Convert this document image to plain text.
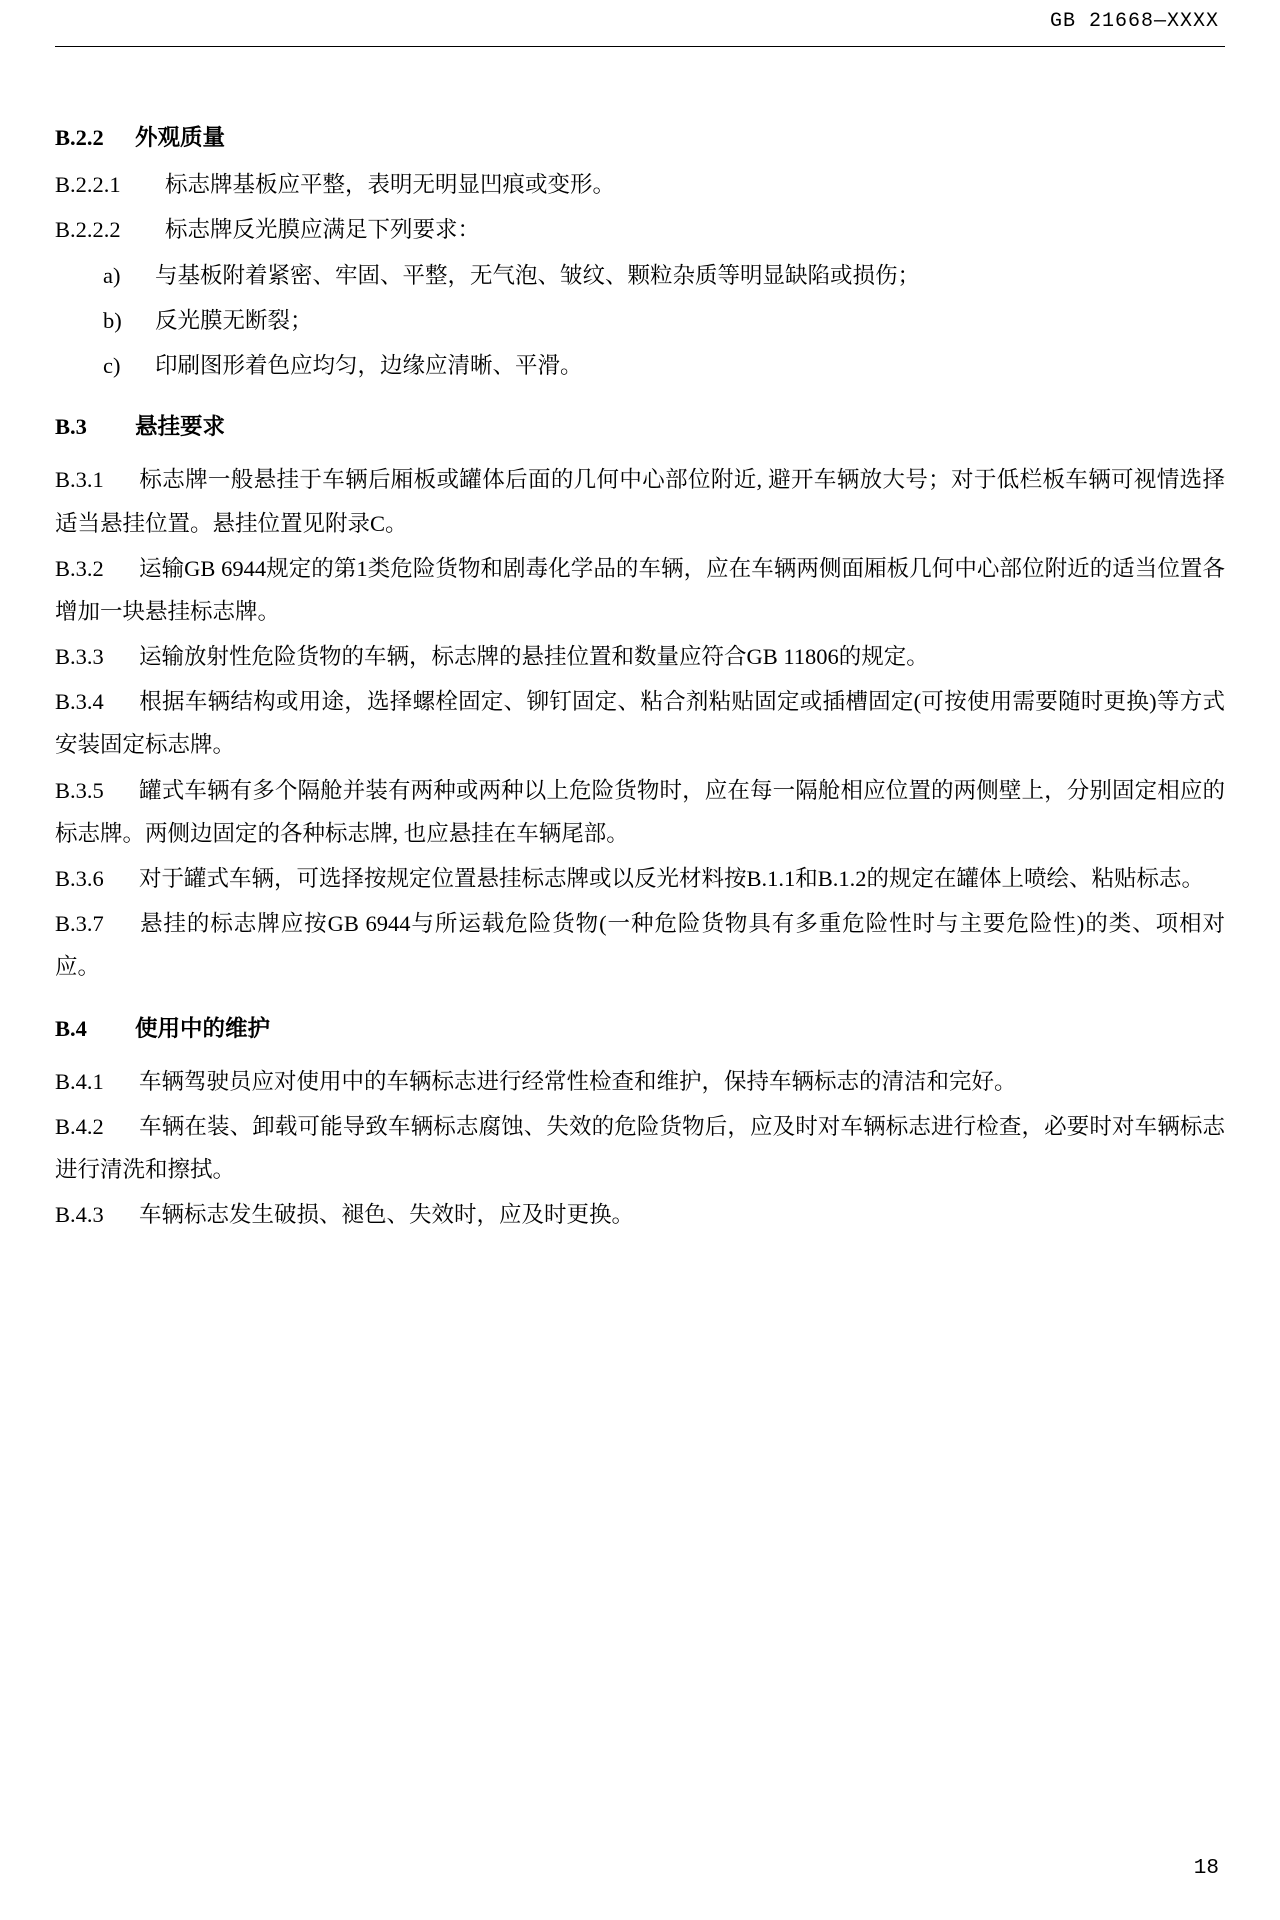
GB 21668—XXXX

B.2.2 外观质量

B.2.2.1 标志牌基板应平整，表明无明显凹痕或变形。

B.2.2.2 标志牌反光膜应满足下列要求：

a) 与基板附着紧密、牢固、平整，无气泡、皱纹、颗粒杂质等明显缺陷或损伤；

b) 反光膜无断裂；

c) 印刷图形着色应均匀，边缘应清晰、平滑。

B.3 悬挂要求

B.3.1 标志牌一般悬挂于车辆后厢板或罐体后面的几何中心部位附近, 避开车辆放大号；对于低栏板车辆可视情选择适当悬挂位置。悬挂位置见附录C。

B.3.2 运输GB 6944规定的第1类危险货物和剧毒化学品的车辆，应在车辆两侧面厢板几何中心部位附近的适当位置各增加一块悬挂标志牌。

B.3.3 运输放射性危险货物的车辆，标志牌的悬挂位置和数量应符合GB 11806的规定。

B.3.4 根据车辆结构或用途，选择螺栓固定、铆钉固定、粘合剂粘贴固定或插槽固定(可按使用需要随时更换)等方式安装固定标志牌。

B.3.5 罐式车辆有多个隔舱并装有两种或两种以上危险货物时，应在每一隔舱相应位置的两侧壁上，分别固定相应的标志牌。两侧边固定的各种标志牌, 也应悬挂在车辆尾部。

B.3.6 对于罐式车辆，可选择按规定位置悬挂标志牌或以反光材料按B.1.1和B.1.2的规定在罐体上喷绘、粘贴标志。

B.3.7 悬挂的标志牌应按GB 6944与所运载危险货物(一种危险货物具有多重危险性时与主要危险性)的类、项相对应。

B.4 使用中的维护

B.4.1 车辆驾驶员应对使用中的车辆标志进行经常性检查和维护，保持车辆标志的清洁和完好。

B.4.2 车辆在装、卸载可能导致车辆标志腐蚀、失效的危险货物后，应及时对车辆标志进行检查，必要时对车辆标志进行清洗和擦拭。

B.4.3 车辆标志发生破损、褪色、失效时，应及时更换。

18
